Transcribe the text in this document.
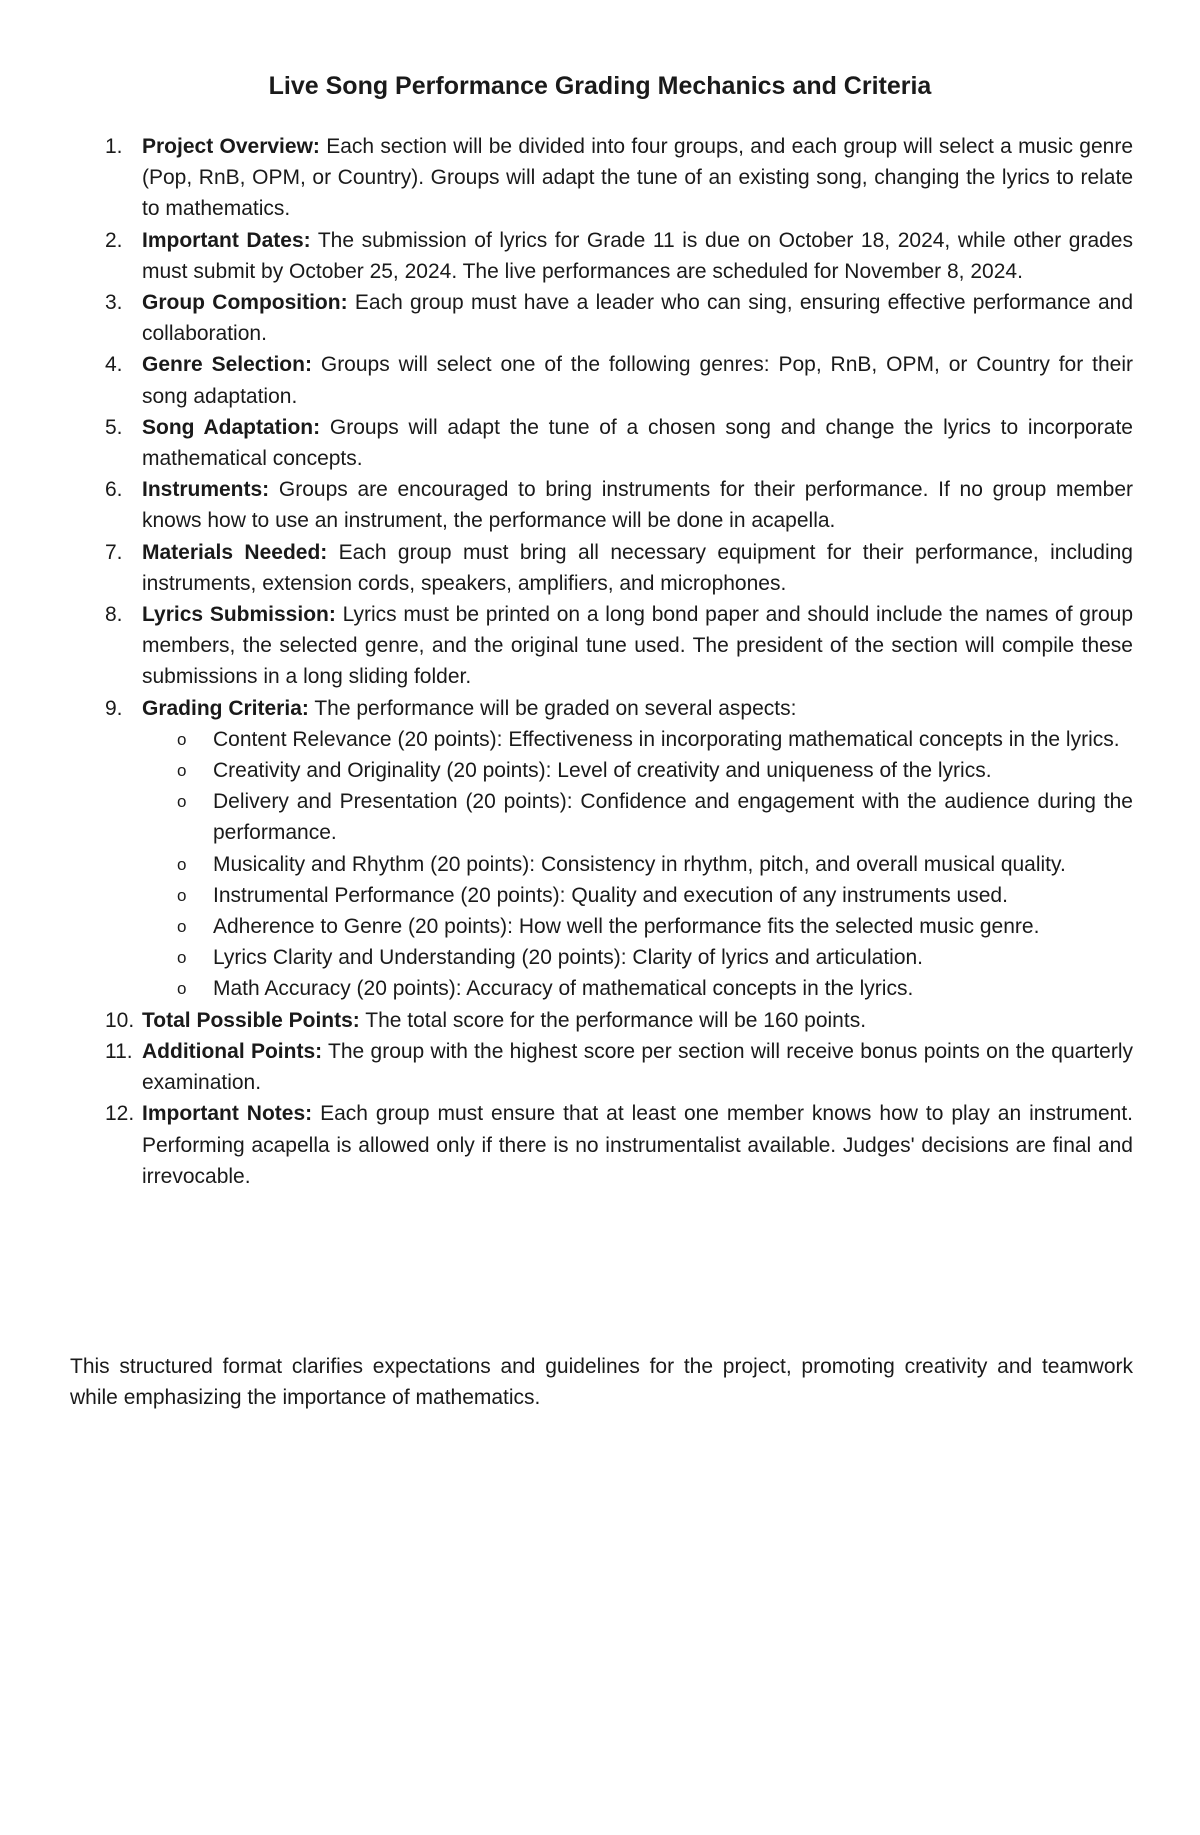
Live Song Performance Grading Mechanics and Criteria
1. Project Overview: Each section will be divided into four groups, and each group will select a music genre (Pop, RnB, OPM, or Country). Groups will adapt the tune of an existing song, changing the lyrics to relate to mathematics.
2. Important Dates: The submission of lyrics for Grade 11 is due on October 18, 2024, while other grades must submit by October 25, 2024. The live performances are scheduled for November 8, 2024.
3. Group Composition: Each group must have a leader who can sing, ensuring effective performance and collaboration.
4. Genre Selection: Groups will select one of the following genres: Pop, RnB, OPM, or Country for their song adaptation.
5. Song Adaptation: Groups will adapt the tune of a chosen song and change the lyrics to incorporate mathematical concepts.
6. Instruments: Groups are encouraged to bring instruments for their performance. If no group member knows how to use an instrument, the performance will be done in acapella.
7. Materials Needed: Each group must bring all necessary equipment for their performance, including instruments, extension cords, speakers, amplifiers, and microphones.
8. Lyrics Submission: Lyrics must be printed on a long bond paper and should include the names of group members, the selected genre, and the original tune used. The president of the section will compile these submissions in a long sliding folder.
9. Grading Criteria: The performance will be graded on several aspects:
o Content Relevance (20 points): Effectiveness in incorporating mathematical concepts in the lyrics.
o Creativity and Originality (20 points): Level of creativity and uniqueness of the lyrics.
o Delivery and Presentation (20 points): Confidence and engagement with the audience during the performance.
o Musicality and Rhythm (20 points): Consistency in rhythm, pitch, and overall musical quality.
o Instrumental Performance (20 points): Quality and execution of any instruments used.
o Adherence to Genre (20 points): How well the performance fits the selected music genre.
o Lyrics Clarity and Understanding (20 points): Clarity of lyrics and articulation.
o Math Accuracy (20 points): Accuracy of mathematical concepts in the lyrics.
10. Total Possible Points: The total score for the performance will be 160 points.
11. Additional Points: The group with the highest score per section will receive bonus points on the quarterly examination.
12. Important Notes: Each group must ensure that at least one member knows how to play an instrument. Performing acapella is allowed only if there is no instrumentalist available. Judges' decisions are final and irrevocable.

This structured format clarifies expectations and guidelines for the project, promoting creativity and teamwork while emphasizing the importance of mathematics.
